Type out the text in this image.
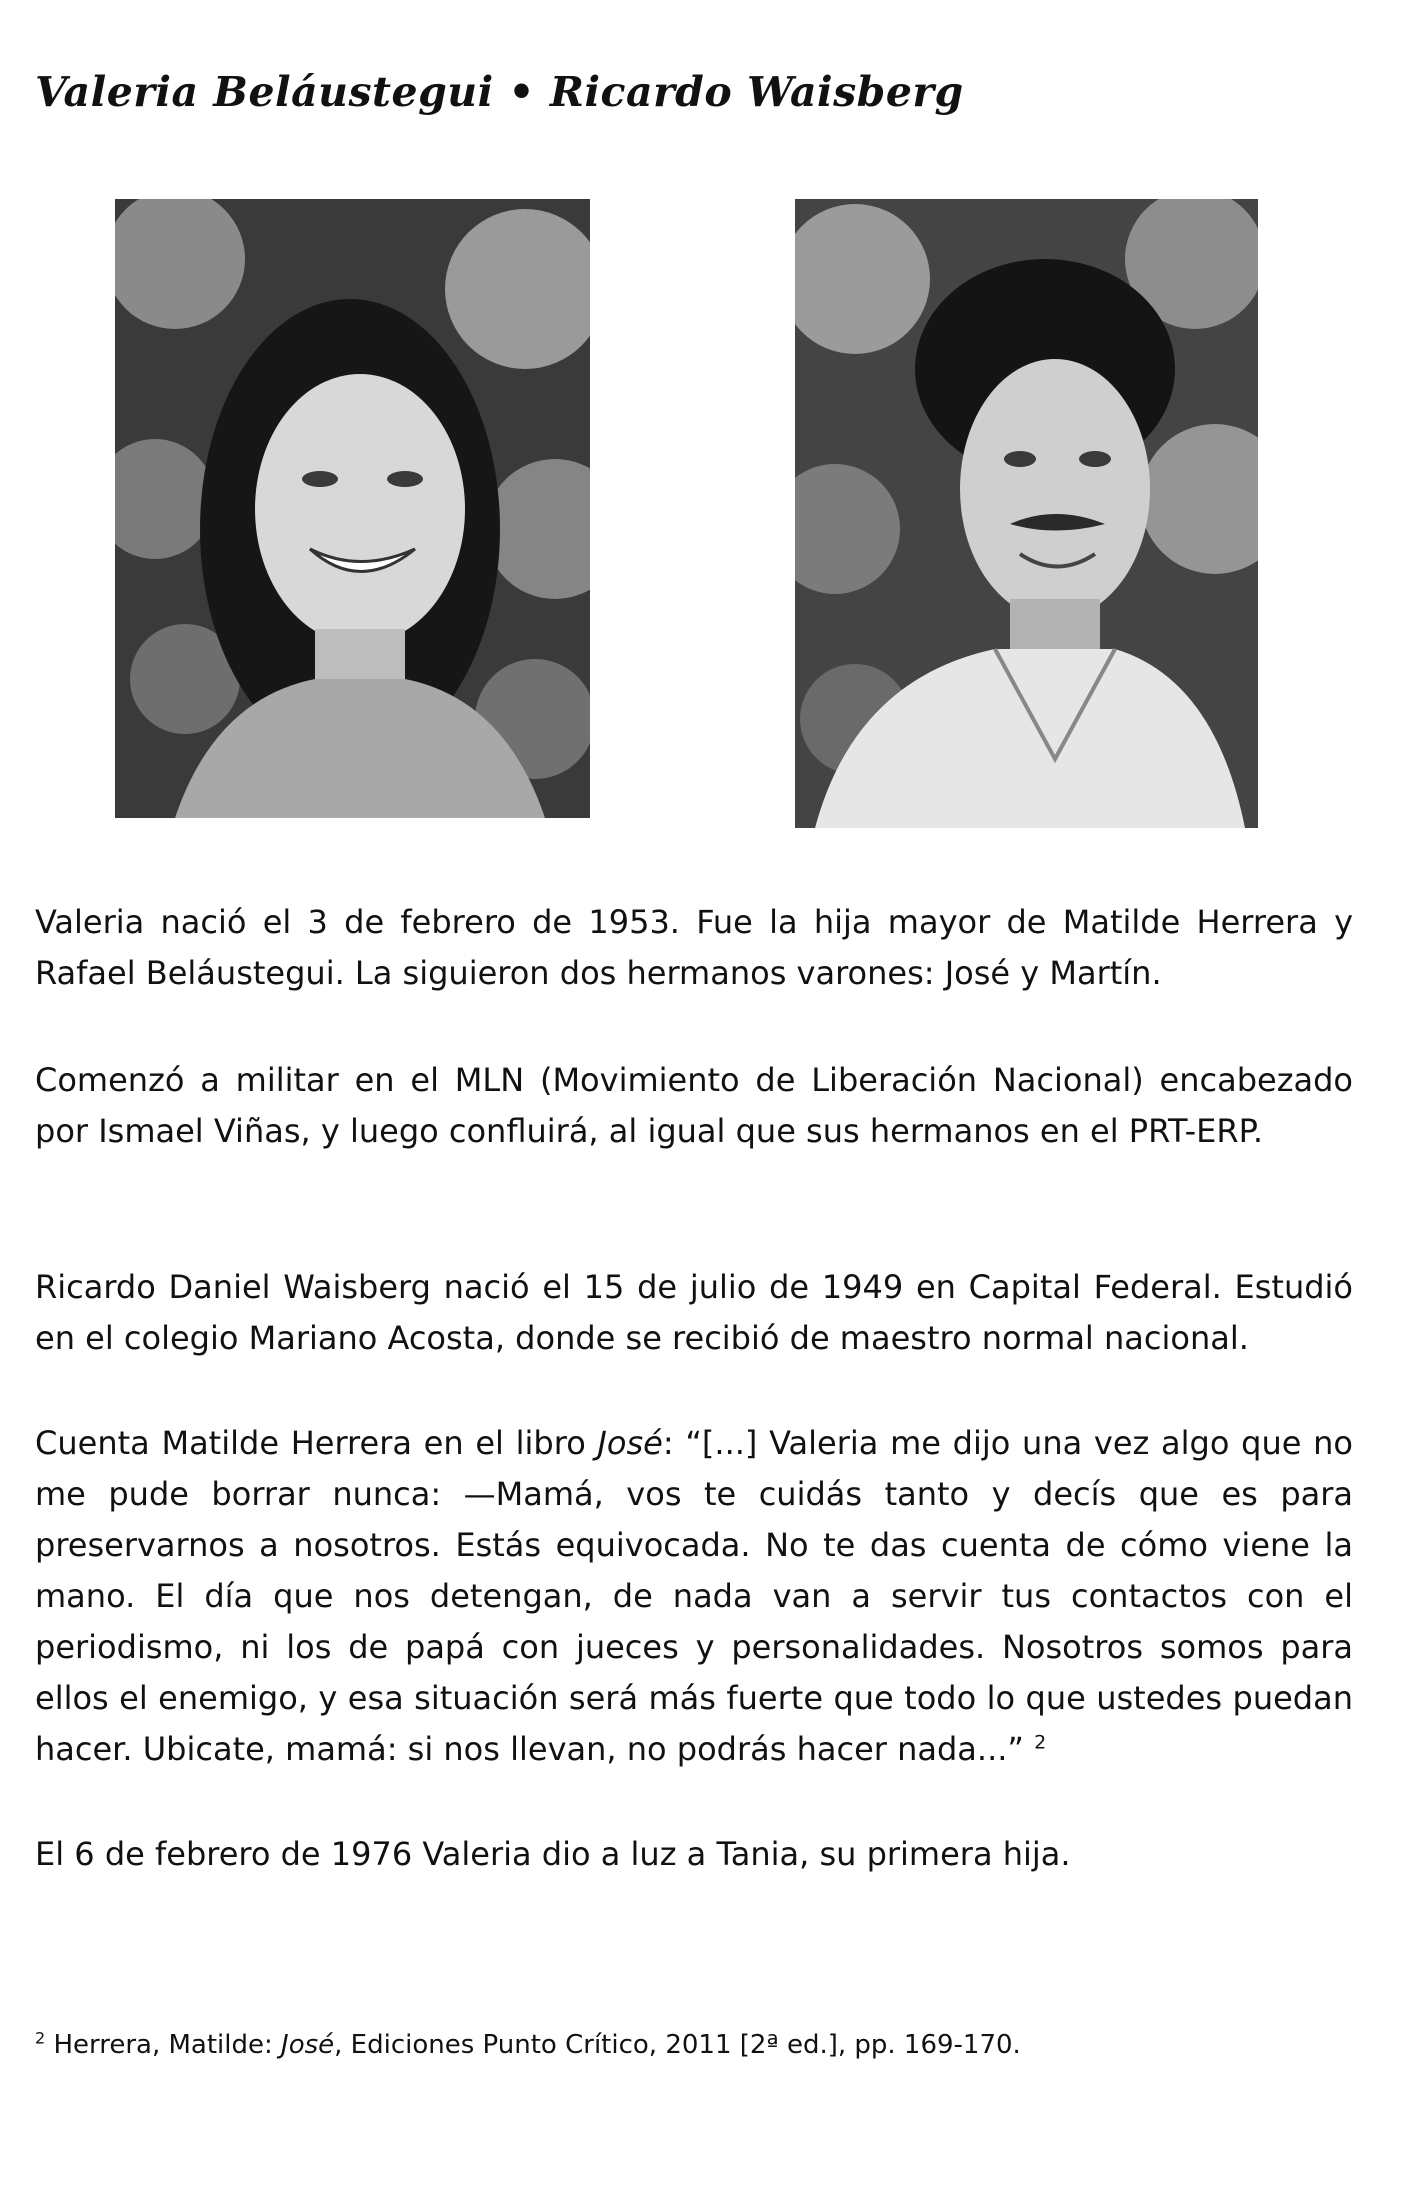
Valeria Beláustegui • Ricardo Waisberg

Valeria nació el 3 de febrero de 1953. Fue la hija mayor de Matilde Herrera y Rafael Beláustegui. La siguieron dos hermanos varones: José y Martín.

Comenzó a militar en el MLN (Movimiento de Liberación Nacional) encabezado por Ismael Viñas, y luego confluirá, al igual que sus hermanos en el PRT-ERP.

Ricardo Daniel Waisberg nació el 15 de julio de 1949 en Capital Federal. Estudió en el colegio Mariano Acosta, donde se recibió de maestro normal nacional.

Cuenta Matilde Herrera en el libro José: “[...] Valeria me dijo una vez algo que no me pude borrar nunca: —Mamá, vos te cuidás tanto y decís que es para preservarnos a nosotros. Estás equivocada. No te das cuenta de cómo viene la mano. El día que nos detengan, de nada van a servir tus contactos con el periodismo, ni los de papá con jueces y personalidades. Nosotros somos para ellos el enemigo, y esa situación será más fuerte que todo lo que ustedes puedan hacer. Ubicate, mamá: si nos llevan, no podrás hacer nada...” $^2$

El 6 de febrero de 1976 Valeria dio a luz a Tania, su primera hija.

$^2$ Herrera, Matilde: José, Ediciones Punto Crítico, 2011 [2ª ed.], pp. 169-170.
